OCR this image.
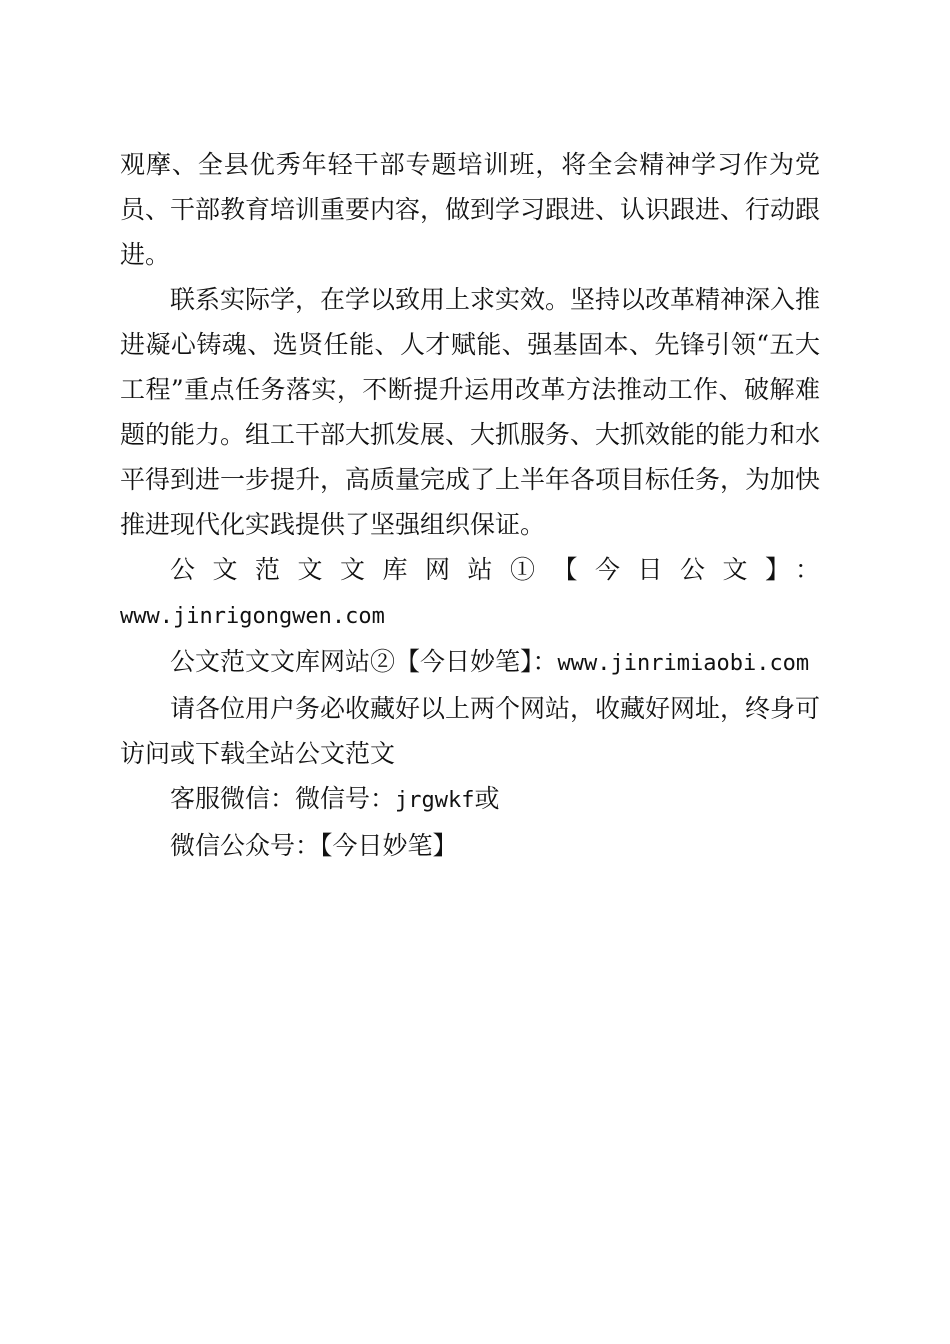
观摩、全县优秀年轻干部专题培训班，将全会精神学习作为党员、干部教育培训重要内容，做到学习跟进、认识跟进、行动跟进。

联系实际学，在学以致用上求实效。坚持以改革精神深入推进凝心铸魂、选贤任能、人才赋能、强基固本、先锋引领“五大工程”重点任务落实，不断提升运用改革方法推动工作、破解难题的能力。组工干部大抓发展、大抓服务、大抓效能的能力和水平得到进一步提升，高质量完成了上半年各项目标任务，为加快推进现代化实践提供了坚强组织保证。

公文范文文库网站①【今日公文】：

www.jinrigongwen.com

公文范文文库网站②【今日妙笔】：www.jinrimiaobi.com

请各位用户务必收藏好以上两个网站，收藏好网址，终身可访问或下载全站公文范文

客服微信：微信号：jrgwkf或

微信公众号：【今日妙笔】
